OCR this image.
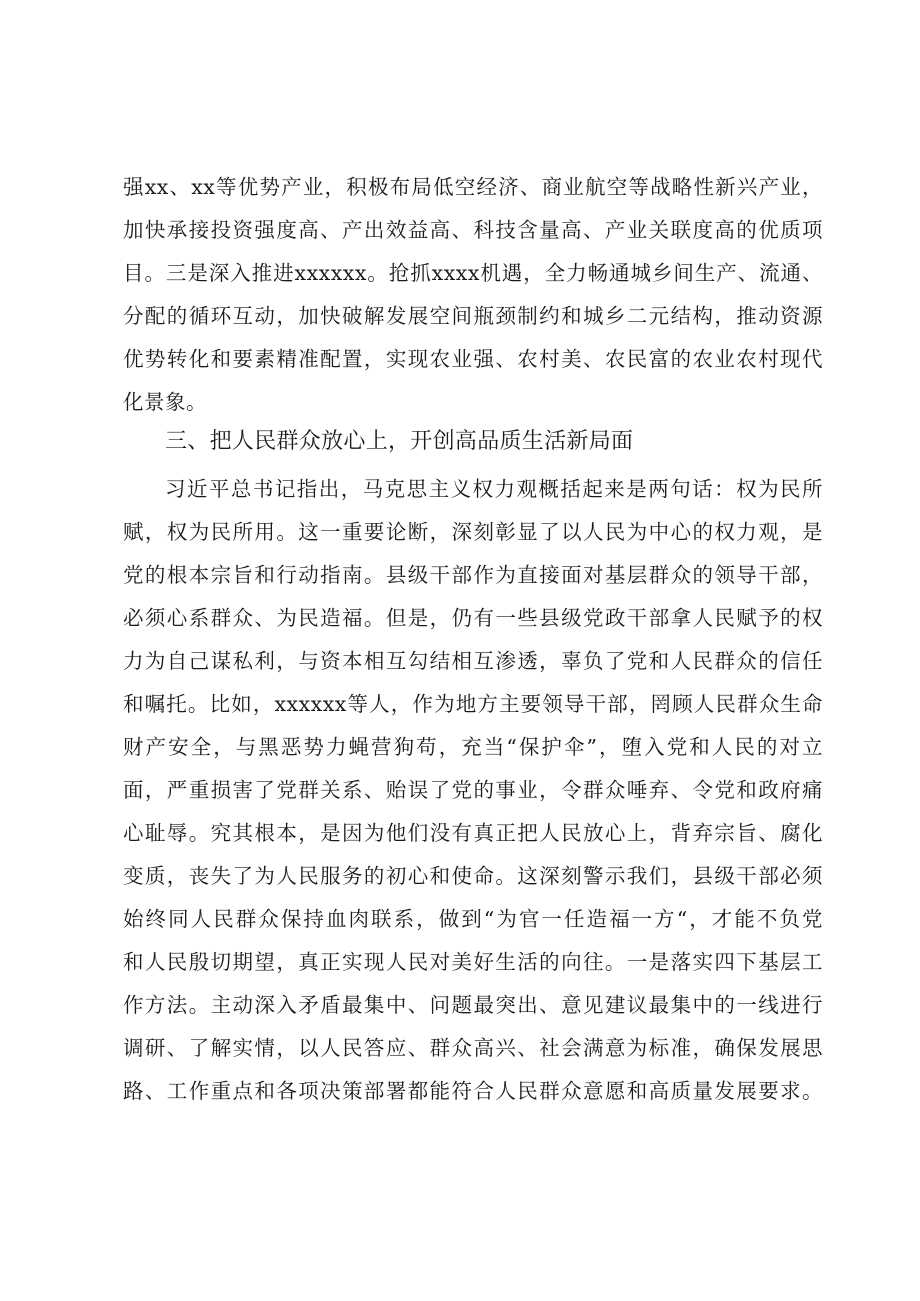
强xx、xx等优势产业，积极布局低空经济、商业航空等战略性新兴产业，
加快承接投资强度高、产出效益高、科技含量高、产业关联度高的优质项
目。三是深入推进xxxxxx。抢抓xxxx机遇，全力畅通城乡间生产、流通、
分配的循环互动，加快破解发展空间瓶颈制约和城乡二元结构，推动资源
优势转化和要素精准配置，实现农业强、农村美、农民富的农业农村现代
化景象。
三、把人民群众放心上，开创高品质生活新局面
习近平总书记指出，马克思主义权力观概括起来是两句话：权为民所
赋，权为民所用。这一重要论断，深刻彰显了以人民为中心的权力观，是
党的根本宗旨和行动指南。县级干部作为直接面对基层群众的领导干部，
必须心系群众、为民造福。但是，仍有一些县级党政干部拿人民赋予的权
力为自己谋私利，与资本相互勾结相互渗透，辜负了党和人民群众的信任
和嘱托。比如，xxxxxx等人，作为地方主要领导干部，罔顾人民群众生命
财产安全，与黑恶势力蝇营狗苟，充当“保护伞”，堕入党和人民的对立
面，严重损害了党群关系、贻误了党的事业，令群众唾弃、令党和政府痛
心耻辱。究其根本，是因为他们没有真正把人民放心上，背弃宗旨、腐化
变质，丧失了为人民服务的初心和使命。这深刻警示我们，县级干部必须
始终同人民群众保持血肉联系，做到“为官一任造福一方“，才能不负党
和人民殷切期望，真正实现人民对美好生活的向往。一是落实四下基层工
作方法。主动深入矛盾最集中、问题最突出、意见建议最集中的一线进行
调研、了解实情，以人民答应、群众高兴、社会满意为标准，确保发展思
路、工作重点和各项决策部署都能符合人民群众意愿和高质量发展要求。
